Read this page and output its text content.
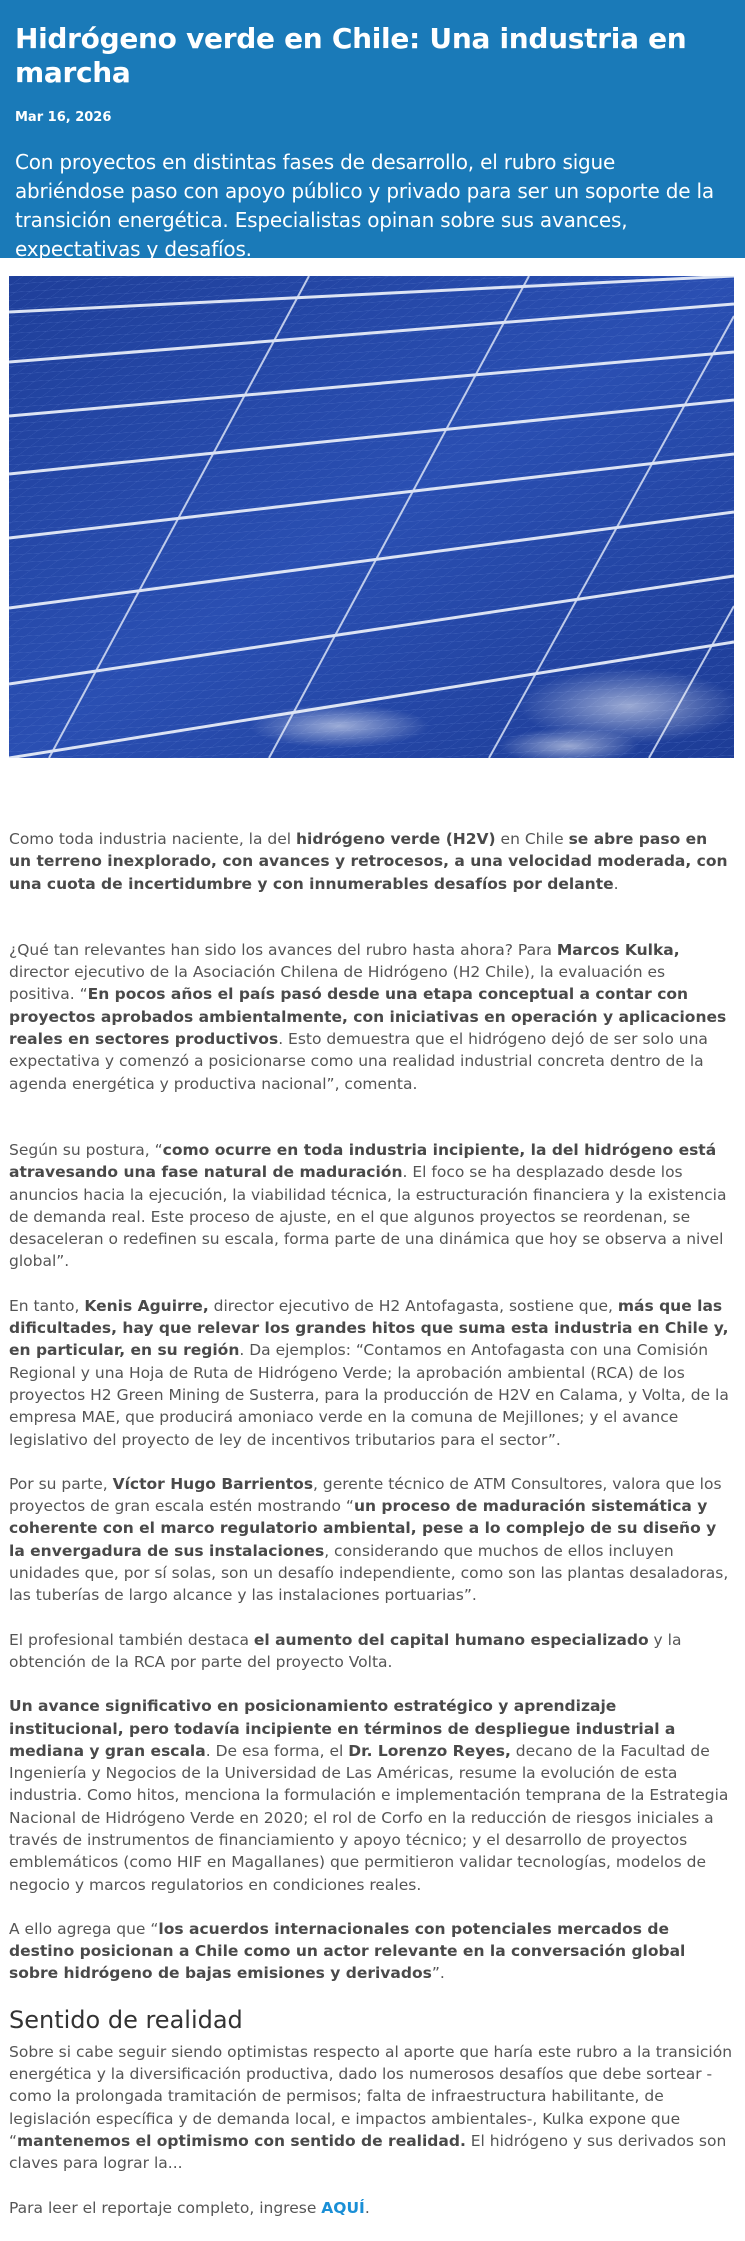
Hidrógeno verde en Chile: Una industria en marcha
Mar 16, 2026
Con proyectos en distintas fases de desarrollo, el rubro sigue abriéndose paso con apoyo público y privado para ser un soporte de la transición energética. Especialistas opinan sobre sus avances, expectativas y desafíos.

Como toda industria naciente, la del hidrógeno verde (H2V) en Chile se abre paso en un terreno inexplorado, con avances y retrocesos, a una velocidad moderada, con una cuota de incertidumbre y con innumerables desafíos por delante.

¿Qué tan relevantes han sido los avances del rubro hasta ahora? Para Marcos Kulka, director ejecutivo de la Asociación Chilena de Hidrógeno (H2 Chile), la evaluación es positiva. “En pocos años el país pasó desde una etapa conceptual a contar con proyectos aprobados ambientalmente, con iniciativas en operación y aplicaciones reales en sectores productivos. Esto demuestra que el hidrógeno dejó de ser solo una expectativa y comenzó a posicionarse como una realidad industrial concreta dentro de la agenda energética y productiva nacional”, comenta.

Según su postura, “como ocurre en toda industria incipiente, la del hidrógeno está atravesando una fase natural de maduración. El foco se ha desplazado desde los anuncios hacia la ejecución, la viabilidad técnica, la estructuración financiera y la existencia de demanda real. Este proceso de ajuste, en el que algunos proyectos se reordenan, se desaceleran o redefinen su escala, forma parte de una dinámica que hoy se observa a nivel global”.

En tanto, Kenis Aguirre, director ejecutivo de H2 Antofagasta, sostiene que, más que las dificultades, hay que relevar los grandes hitos que suma esta industria en Chile y, en particular, en su región. Da ejemplos: “Contamos en Antofagasta con una Comisión Regional y una Hoja de Ruta de Hidrógeno Verde; la aprobación ambiental (RCA) de los proyectos H2 Green Mining de Susterra, para la producción de H2V en Calama, y Volta, de la empresa MAE, que producirá amoniaco verde en la comuna de Mejillones; y el avance legislativo del proyecto de ley de incentivos tributarios para el sector”.

Por su parte, Víctor Hugo Barrientos, gerente técnico de ATM Consultores, valora que los proyectos de gran escala estén mostrando “un proceso de maduración sistemática y coherente con el marco regulatorio ambiental, pese a lo complejo de su diseño y la envergadura de sus instalaciones, considerando que muchos de ellos incluyen unidades que, por sí solas, son un desafío independiente, como son las plantas desaladoras, las tuberías de largo alcance y las instalaciones portuarias”.

El profesional también destaca el aumento del capital humano especializado y la obtención de la RCA por parte del proyecto Volta.

Un avance significativo en posicionamiento estratégico y aprendizaje institucional, pero todavía incipiente en términos de despliegue industrial a mediana y gran escala. De esa forma, el Dr. Lorenzo Reyes, decano de la Facultad de Ingeniería y Negocios de la Universidad de Las Américas, resume la evolución de esta industria. Como hitos, menciona la formulación e implementación temprana de la Estrategia Nacional de Hidrógeno Verde en 2020; el rol de Corfo en la reducción de riesgos iniciales a través de instrumentos de financiamiento y apoyo técnico; y el desarrollo de proyectos emblemáticos (como HIF en Magallanes) que permitieron validar tecnologías, modelos de negocio y marcos regulatorios en condiciones reales.

A ello agrega que “los acuerdos internacionales con potenciales mercados de destino posicionan a Chile como un actor relevante en la conversación global sobre hidrógeno de bajas emisiones y derivados”.

Sentido de realidad

Sobre si cabe seguir siendo optimistas respecto al aporte que haría este rubro a la transición energética y la diversificación productiva, dado los numerosos desafíos que debe sortear -como la prolongada tramitación de permisos; falta de infraestructura habilitante, de legislación específica y de demanda local, e impactos ambientales-, Kulka expone que “mantenemos el optimismo con sentido de realidad. El hidrógeno y sus derivados son claves para lograr la...

Para leer el reportaje completo, ingrese AQUÍ.
